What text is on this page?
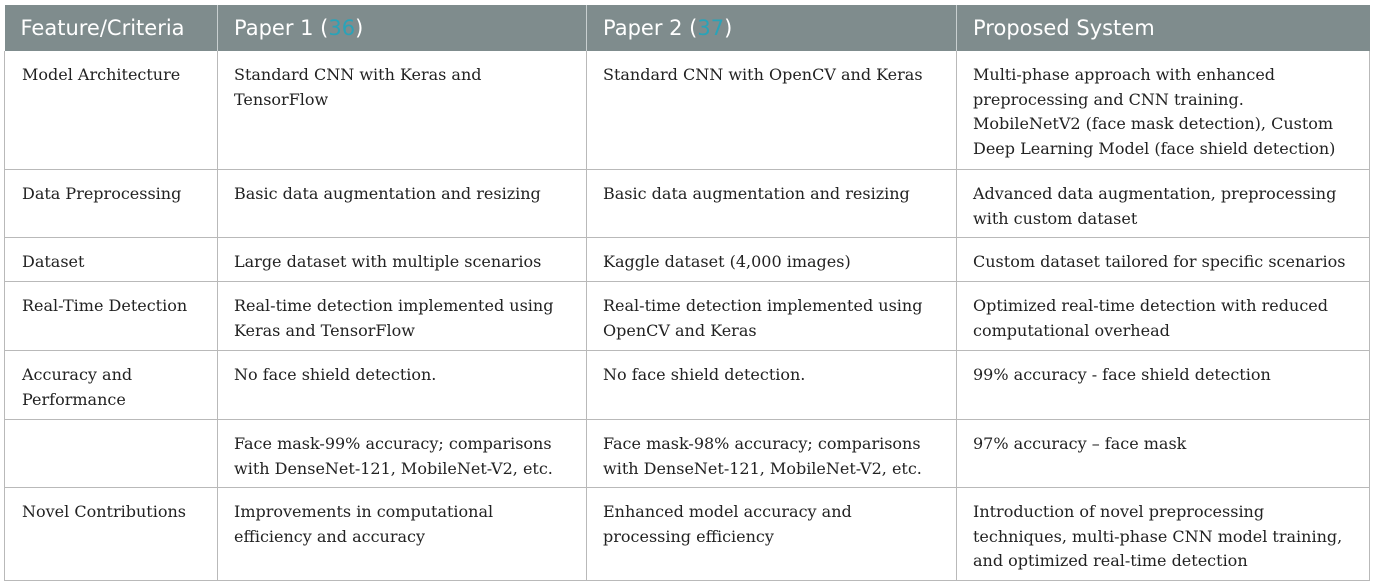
Feature/Criteria	Paper 1 (36)	Paper 2 (37)	Proposed System
Model Architecture	Standard CNN with Keras and TensorFlow	Standard CNN with OpenCV and Keras	Multi-phase approach with enhanced preprocessing and CNN training. MobileNetV2 (face mask detection), Custom Deep Learning Model (face shield detection)
Data Preprocessing	Basic data augmentation and resizing	Basic data augmentation and resizing	Advanced data augmentation, preprocessing with custom dataset
Dataset	Large dataset with multiple scenarios	Kaggle dataset (4,000 images)	Custom dataset tailored for specific scenarios
Real-Time Detection	Real-time detection implemented using Keras and TensorFlow	Real-time detection implemented using OpenCV and Keras	Optimized real-time detection with reduced computational overhead
Accuracy and Performance	No face shield detection.	No face shield detection.	99% accuracy - face shield detection
	Face mask-99% accuracy; comparisons with DenseNet-121, MobileNet-V2, etc.	Face mask-98% accuracy; comparisons with DenseNet-121, MobileNet-V2, etc.	97% accuracy – face mask
Novel Contributions	Improvements in computational efficiency and accuracy	Enhanced model accuracy and processing efficiency	Introduction of novel preprocessing techniques, multi-phase CNN model training, and optimized real-time detection
